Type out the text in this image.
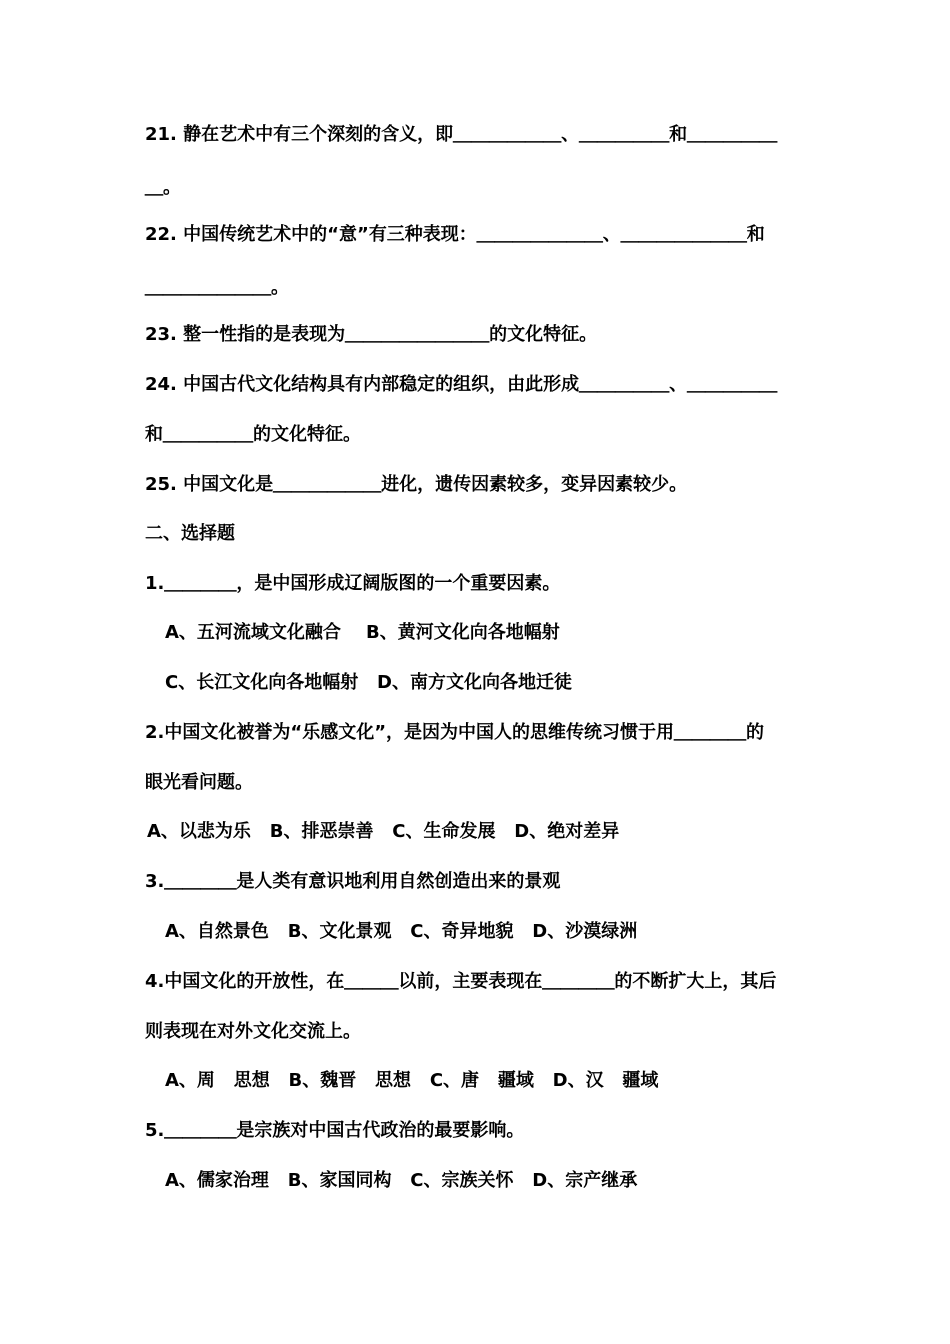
21. 静在艺术中有三个深刻的含义，即＿＿＿＿＿＿、＿＿＿＿＿和＿＿＿＿＿
＿。
22. 中国传统艺术中的“意”有三种表现：＿＿＿＿＿＿＿、＿＿＿＿＿＿＿和
＿＿＿＿＿＿＿。
23. 整一性指的是表现为＿＿＿＿＿＿＿＿的文化特征。
24. 中国古代文化结构具有内部稳定的组织，由此形成＿＿＿＿＿、＿＿＿＿＿
和＿＿＿＿＿的文化特征。
25. 中国文化是＿＿＿＿＿＿进化，遗传因素较多，变异因素较少。
二、选择题
1.＿＿＿＿，是中国形成辽阔版图的一个重要因素。
A、五河流域文化融合    B、黄河文化向各地幅射
C、长江文化向各地幅射   D、南方文化向各地迁徒
2.中国文化被誉为“乐感文化”，是因为中国人的思维传统习惯于用＿＿＿＿的
眼光看问题。
A、以悲为乐   B、排恶崇善   C、生命发展   D、绝对差异
3.＿＿＿＿是人类有意识地利用自然创造出来的景观
A、自然景色   B、文化景观   C、奇异地貌   D、沙漠绿洲
4.中国文化的开放性，在＿＿＿以前，主要表现在＿＿＿＿的不断扩大上，其后
则表现在对外文化交流上。
A、周   思想   B、魏晋   思想   C、唐   疆域   D、汉   疆域
5.＿＿＿＿是宗族对中国古代政治的最要影响。
A、儒家治理   B、家国同构   C、宗族关怀   D、宗产继承
